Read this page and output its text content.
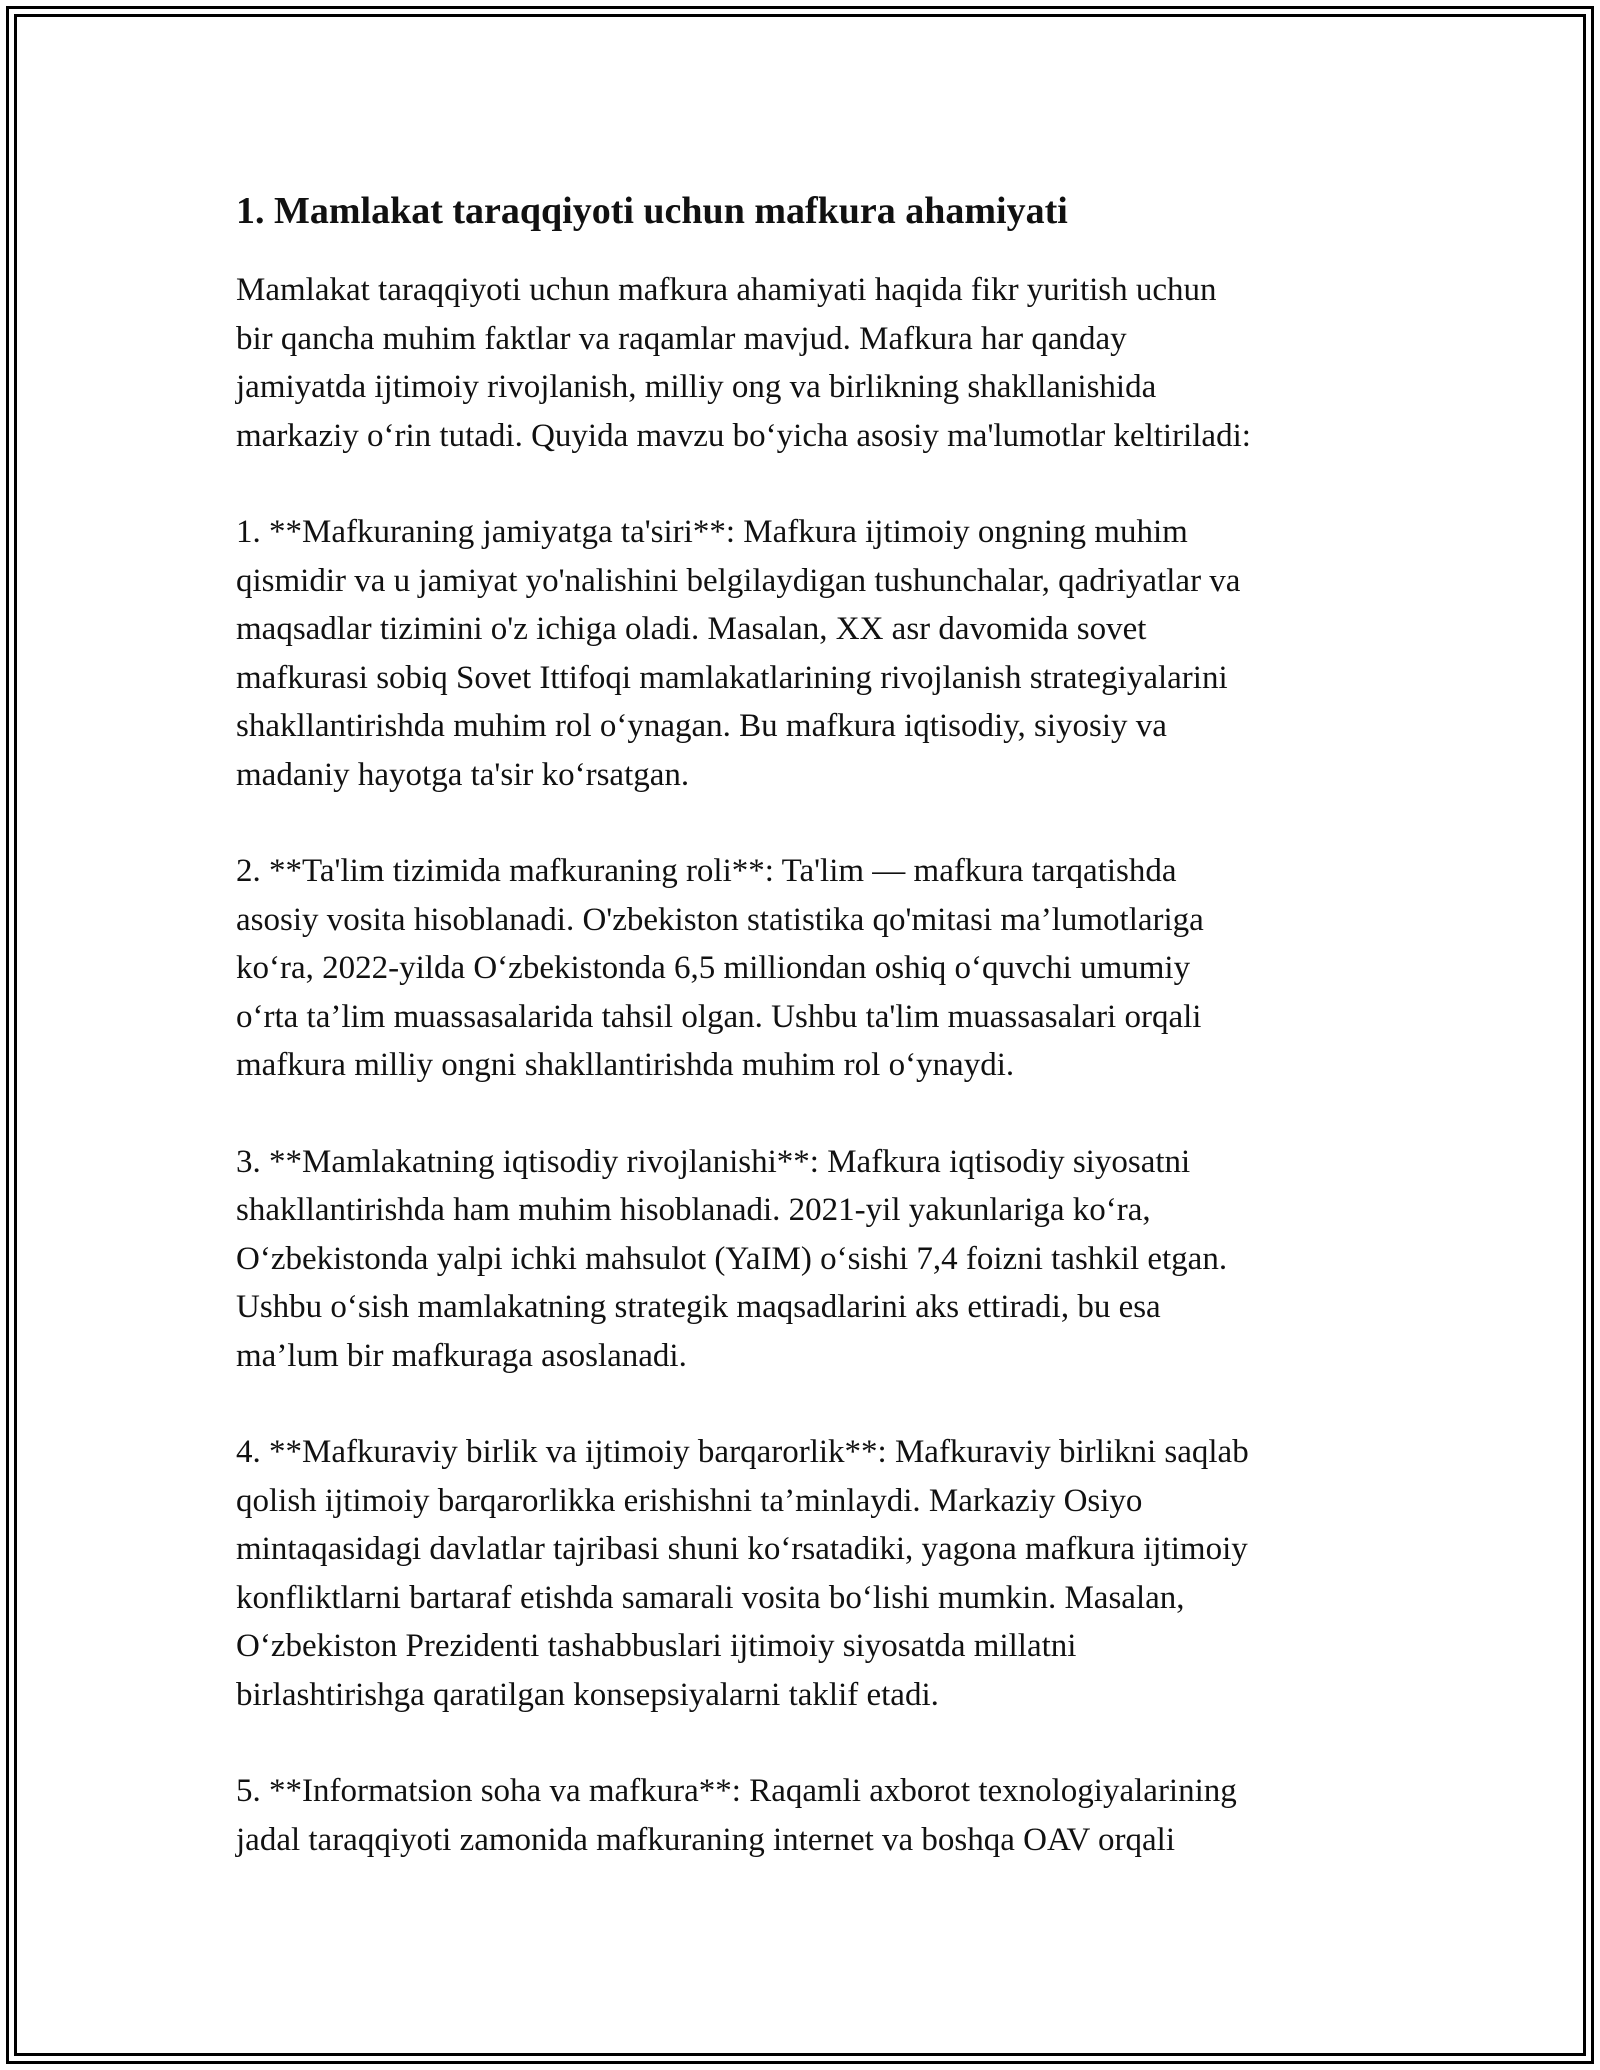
1. Mamlakat taraqqiyoti uchun mafkura ahamiyati
Mamlakat taraqqiyoti uchun mafkura ahamiyati haqida fikr yuritish uchun
bir qancha muhim faktlar va raqamlar mavjud. Mafkura har qanday
jamiyatda ijtimoiy rivojlanish, milliy ong va birlikning shakllanishida
markaziy o‘rin tutadi. Quyida mavzu bo‘yicha asosiy ma'lumotlar keltiriladi:
1. **Mafkuraning jamiyatga ta'siri**: Mafkura ijtimoiy ongning muhim
qismidir va u jamiyat yo'nalishini belgilaydigan tushunchalar, qadriyatlar va
maqsadlar tizimini o'z ichiga oladi. Masalan, XX asr davomida sovet
mafkurasi sobiq Sovet Ittifoqi mamlakatlarining rivojlanish strategiyalarini
shakllantirishda muhim rol o‘ynagan. Bu mafkura iqtisodiy, siyosiy va
madaniy hayotga ta'sir ko‘rsatgan.
2. **Ta'lim tizimida mafkuraning roli**: Ta'lim — mafkura tarqatishda
asosiy vosita hisoblanadi. O'zbekiston statistika qo'mitasi ma’lumotlariga
ko‘ra, 2022-yilda O‘zbekistonda 6,5 milliondan oshiq o‘quvchi umumiy
o‘rta ta’lim muassasalarida tahsil olgan. Ushbu ta'lim muassasalari orqali
mafkura milliy ongni shakllantirishda muhim rol o‘ynaydi.
3. **Mamlakatning iqtisodiy rivojlanishi**: Mafkura iqtisodiy siyosatni
shakllantirishda ham muhim hisoblanadi. 2021-yil yakunlariga ko‘ra,
O‘zbekistonda yalpi ichki mahsulot (YaIM) o‘sishi 7,4 foizni tashkil etgan.
Ushbu o‘sish mamlakatning strategik maqsadlarini aks ettiradi, bu esa
ma’lum bir mafkuraga asoslanadi.
4. **Mafkuraviy birlik va ijtimoiy barqarorlik**: Mafkuraviy birlikni saqlab
qolish ijtimoiy barqarorlikka erishishni ta’minlaydi. Markaziy Osiyo
mintaqasidagi davlatlar tajribasi shuni ko‘rsatadiki, yagona mafkura ijtimoiy
konfliktlarni bartaraf etishda samarali vosita bo‘lishi mumkin. Masalan,
O‘zbekiston Prezidenti tashabbuslari ijtimoiy siyosatda millatni
birlashtirishga qaratilgan konsepsiyalarni taklif etadi.
5. **Informatsion soha va mafkura**: Raqamli axborot texnologiyalarining
jadal taraqqiyoti zamonida mafkuraning internet va boshqa OAV orqali
